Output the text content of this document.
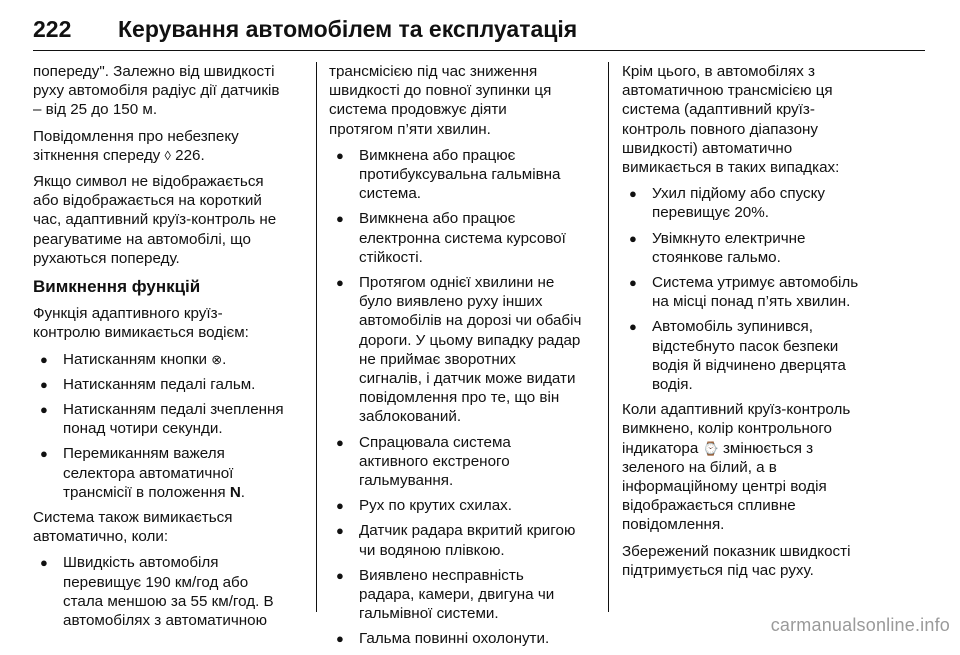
222 Керування автомобілем та експлуатація

попереду". Залежно від швидкості
руху автомобіля радіус дії датчиків
– від 25 до 150 м.

Повідомлення про небезпеку
зіткнення спереду ◊ 226.

Якщо символ не відображається
або відображається на короткий
час, адаптивний круїз-контроль не
реагуватиме на автомобілі, що
рухаються попереду.

Вимкнення функцій

Функція адаптивного круїз-
контролю вимикається водієм:

● Натисканням кнопки ⊗.
● Натисканням педалі гальм.
● Натисканням педалі зчеплення
понад чотири секунди.
● Перемиканням важеля
селектора автоматичної
трансмісії в положення N.

Система також вимикається
автоматично, коли:

● Швидкість автомобіля
перевищує 190 км/год або
стала меншою за 55 км/год. В
автомобілях з автоматичною

трансмісією під час зниження
швидкості до повної зупинки ця
система продовжує діяти
протягом п’яти хвилин.

● Вимкнена або працює
протибуксувальна гальмівна
система.
● Вимкнена або працює
електронна система курсової
стійкості.
● Протягом однієї хвилини не
було виявлено руху інших
автомобілів на дорозі чи обабіч
дороги. У цьому випадку радар
не приймає зворотних
сигналів, і датчик може видати
повідомлення про те, що він
заблокований.
● Спрацювала система
активного екстреного
гальмування.
● Рух по крутих схилах.
● Датчик радара вкритий кригою
чи водяною плівкою.
● Виявлено несправність
радара, камери, двигуна чи
гальмівної системи.
● Гальма повинні охолонути.

Крім цього, в автомобілях з
автоматичною трансмісією ця
система (адаптивний круїз-
контроль повного діапазону
швидкості) автоматично
вимикається в таких випадках:

● Ухил підйому або спуску
перевищує 20%.
● Увімкнуто електричне
стоянкове гальмо.
● Система утримує автомобіль
на місці понад п’ять хвилин.
● Автомобіль зупинився,
відстебнуто пасок безпеки
водія й відчинено дверцята
водія.

Коли адаптивний круїз-контроль
вимкнено, колір контрольного
індикатора ⌚ змінюється з
зеленого на білий, а в
інформаційному центрі водія
відображається спливне
повідомлення.

Збережений показник швидкості
підтримується під час руху.

carmanualsonline.info
